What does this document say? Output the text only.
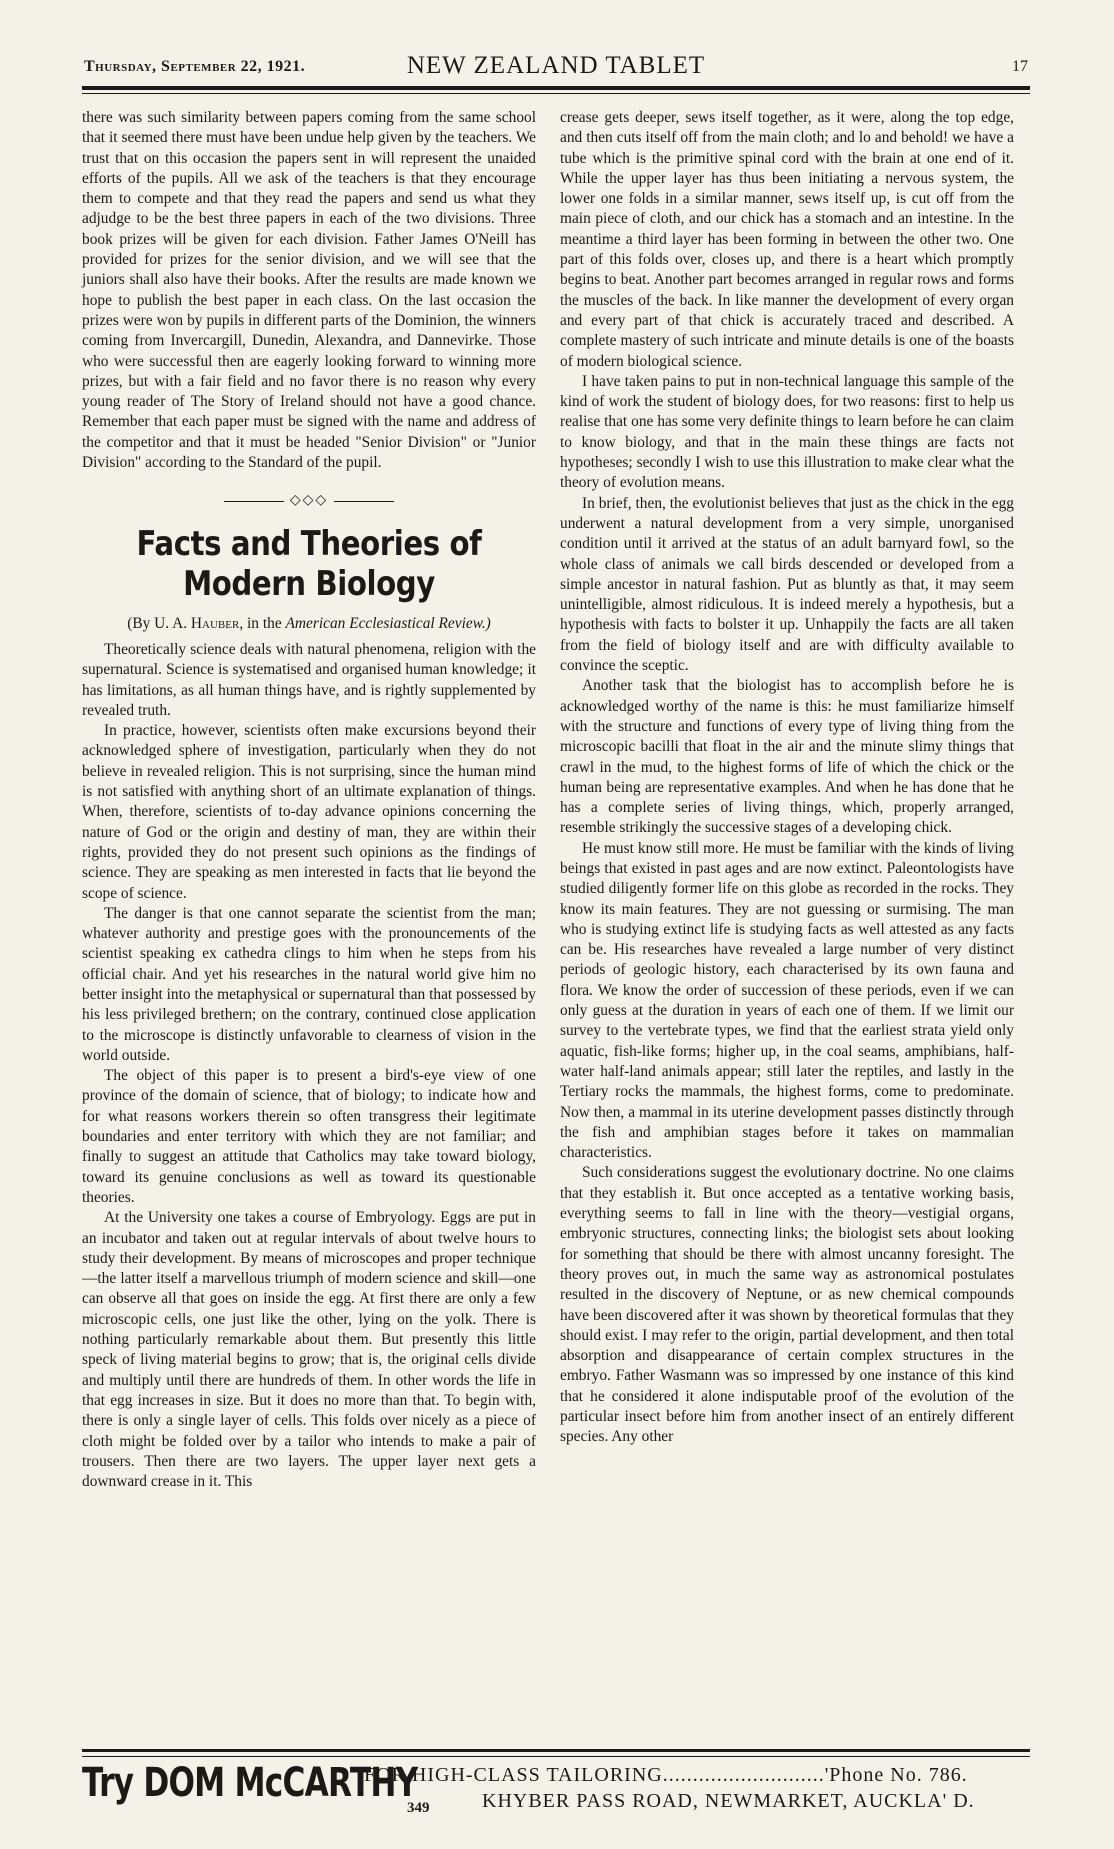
Thursday, September 22, 1921.	NEW ZEALAND TABLET	17

there was such similarity between papers coming from the same school that it seemed there must have been undue help given by the teachers. We trust that on this occasion the papers sent in will represent the unaided efforts of the pupils. All we ask of the teachers is that they encourage them to compete and that they read the papers and send us what they adjudge to be the best three papers in each of the two divisions. Three book prizes will be given for each division. Father James O'Neill has provided for prizes for the senior division, and we will see that the juniors shall also have their books. After the results are made known we hope to publish the best paper in each class. On the last occasion the prizes were won by pupils in different parts of the Dominion, the winners coming from Invercargill, Dunedin, Alexandra, and Dannevirke. Those who were successful then are eagerly looking forward to winning more prizes, but with a fair field and no favor there is no reason why every young reader of The Story of Ireland should not have a good chance. Remember that each paper must be signed with the name and address of the competitor and that it must be headed "Senior Division" or "Junior Division" according to the Standard of the pupil.

◇◇◇
Facts and Theories of Modern Biology
(By U. A. Hauber, in the American Ecclesiastical Review.)

Theoretically science deals with natural phenomena, religion with the supernatural. Science is systematised and organised human knowledge; it has limitations, as all human things have, and is rightly supplemented by revealed truth.

In practice, however, scientists often make excursions beyond their acknowledged sphere of investigation, particularly when they do not believe in revealed religion. This is not surprising, since the human mind is not satisfied with anything short of an ultimate explanation of things. When, therefore, scientists of to-day advance opinions concerning the nature of God or the origin and destiny of man, they are within their rights, provided they do not present such opinions as the findings of science. They are speaking as men interested in facts that lie beyond the scope of science.

The danger is that one cannot separate the scientist from the man; whatever authority and prestige goes with the pronouncements of the scientist speaking ex cathedra clings to him when he steps from his official chair. And yet his researches in the natural world give him no better insight into the metaphysical or supernatural than that possessed by his less privileged brethern; on the contrary, continued close application to the microscope is distinctly unfavorable to clearness of vision in the world outside.

The object of this paper is to present a bird's-eye view of one province of the domain of science, that of biology; to indicate how and for what reasons workers therein so often transgress their legitimate boundaries and enter territory with which they are not familiar; and finally to suggest an attitude that Catholics may take toward biology, toward its genuine conclusions as well as toward its questionable theories.

At the University one takes a course of Embryology. Eggs are put in an incubator and taken out at regular intervals of about twelve hours to study their development. By means of microscopes and proper technique—the latter itself a marvellous triumph of modern science and skill—one can observe all that goes on inside the egg. At first there are only a few microscopic cells, one just like the other, lying on the yolk. There is nothing particularly remarkable about them. But presently this little speck of living material begins to grow; that is, the original cells divide and multiply until there are hundreds of them. In other words the life in that egg increases in size. But it does no more than that. To begin with, there is only a single layer of cells. This folds over nicely as a piece of cloth might be folded over by a tailor who intends to make a pair of trousers. Then there are two layers. The upper layer next gets a downward crease in it. This

crease gets deeper, sews itself together, as it were, along the top edge, and then cuts itself off from the main cloth; and lo and behold! we have a tube which is the primitive spinal cord with the brain at one end of it. While the upper layer has thus been initiating a nervous system, the lower one folds in a similar manner, sews itself up, is cut off from the main piece of cloth, and our chick has a stomach and an intestine. In the meantime a third layer has been forming in between the other two. One part of this folds over, closes up, and there is a heart which promptly begins to beat. Another part becomes arranged in regular rows and forms the muscles of the back. In like manner the development of every organ and every part of that chick is accurately traced and described. A complete mastery of such intricate and minute details is one of the boasts of modern biological science.

I have taken pains to put in non-technical language this sample of the kind of work the student of biology does, for two reasons: first to help us realise that one has some very definite things to learn before he can claim to know biology, and that in the main these things are facts not hypotheses; secondly I wish to use this illustration to make clear what the theory of evolution means.

In brief, then, the evolutionist believes that just as the chick in the egg underwent a natural development from a very simple, unorganised condition until it arrived at the status of an adult barnyard fowl, so the whole class of animals we call birds descended or developed from a simple ancestor in natural fashion. Put as bluntly as that, it may seem unintelligible, almost ridiculous. It is indeed merely a hypothesis, but a hypothesis with facts to bolster it up. Unhappily the facts are all taken from the field of biology itself and are with difficulty available to convince the sceptic.

Another task that the biologist has to accomplish before he is acknowledged worthy of the name is this: he must familiarize himself with the structure and functions of every type of living thing from the microscopic bacilli that float in the air and the minute slimy things that crawl in the mud, to the highest forms of life of which the chick or the human being are representative examples. And when he has done that he has a complete series of living things, which, properly arranged, resemble strikingly the successive stages of a developing chick.

He must know still more. He must be familiar with the kinds of living beings that existed in past ages and are now extinct. Paleontologists have studied diligently former life on this globe as recorded in the rocks. They know its main features. They are not guessing or surmising. The man who is studying extinct life is studying facts as well attested as any facts can be. His researches have revealed a large number of very distinct periods of geologic history, each characterised by its own fauna and flora. We know the order of succession of these periods, even if we can only guess at the duration in years of each one of them. If we limit our survey to the vertebrate types, we find that the earliest strata yield only aquatic, fish-like forms; higher up, in the coal seams, amphibians, half-water half-land animals appear; still later the reptiles, and lastly in the Tertiary rocks the mammals, the highest forms, come to predominate. Now then, a mammal in its uterine development passes distinctly through the fish and amphibian stages before it takes on mammalian characteristics.

Such considerations suggest the evolutionary doctrine. No one claims that they establish it. But once accepted as a tentative working basis, everything seems to fall in line with the theory—vestigial organs, embryonic structures, connecting links; the biologist sets about looking for something that should be there with almost uncanny foresight. The theory proves out, in much the same way as astronomical postulates resulted in the discovery of Neptune, or as new chemical compounds have been discovered after it was shown by theoretical formulas that they should exist. I may refer to the origin, partial development, and then total absorption and disappearance of certain complex structures in the embryo. Father Wasmann was so impressed by one instance of this kind that he considered it alone indisputable proof of the evolution of the particular insect before him from another insect of an entirely different species. Any other

Try DOM McCARTHY
FOR HIGH-CLASS TAILORING...........................'Phone No. 786.
349	KHYBER PASS ROAD, NEWMARKET, AUCKLA' D.
